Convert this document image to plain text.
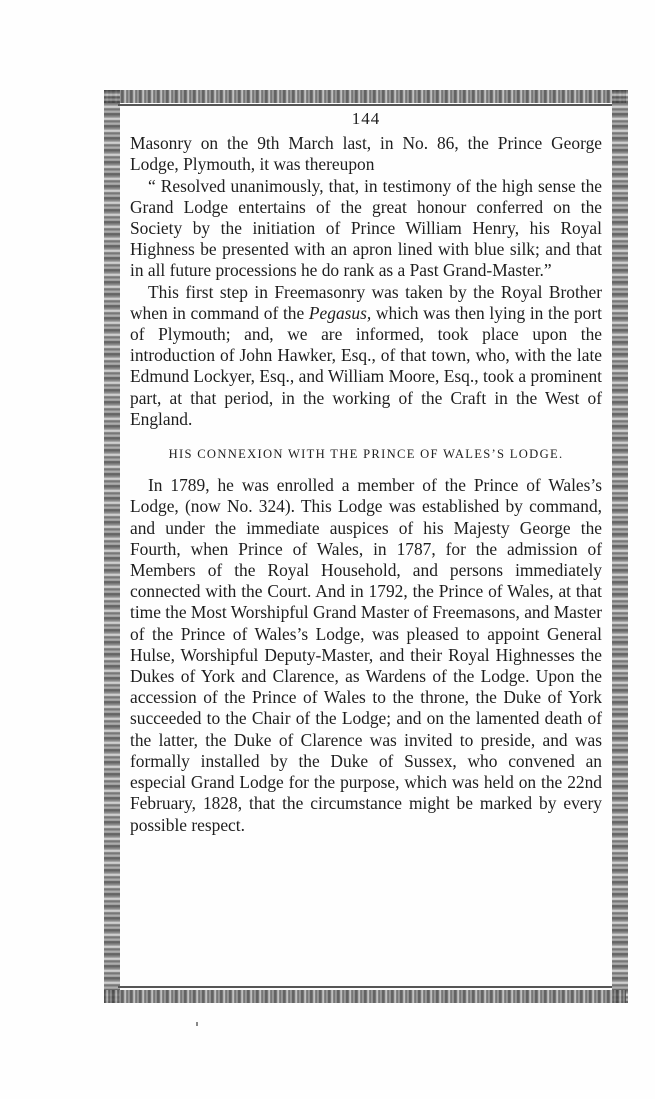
144

Masonry on the 9th March last, in No. 86, the Prince George Lodge, Plymouth, it was thereupon

“ Resolved unanimously, that, in testimony of the high sense the Grand Lodge entertains of the great honour conferred on the Society by the initiation of Prince William Henry, his Royal Highness be presented with an apron lined with blue silk; and that in all future processions he do rank as a Past Grand-Master.”

This first step in Freemasonry was taken by the Royal Brother when in command of the Pegasus, which was then lying in the port of Plymouth; and, we are informed, took place upon the introduction of John Hawker, Esq., of that town, who, with the late Edmund Lockyer, Esq., and William Moore, Esq., took a prominent part, at that period, in the working of the Craft in the West of England.

HIS CONNEXION WITH THE PRINCE OF WALES’S LODGE.

In 1789, he was enrolled a member of the Prince of Wales’s Lodge, (now No. 324). This Lodge was established by command, and under the immediate auspices of his Majesty George the Fourth, when Prince of Wales, in 1787, for the admission of Members of the Royal Household, and persons immediately connected with the Court. And in 1792, the Prince of Wales, at that time the Most Worshipful Grand Master of Freemasons, and Master of the Prince of Wales’s Lodge, was pleased to appoint General Hulse, Worshipful Deputy-Master, and their Royal Highnesses the Dukes of York and Clarence, as Wardens of the Lodge. Upon the accession of the Prince of Wales to the throne, the Duke of York succeeded to the Chair of the Lodge; and on the lamented death of the latter, the Duke of Clarence was invited to preside, and was formally installed by the Duke of Sussex, who convened an especial Grand Lodge for the purpose, which was held on the 22nd February, 1828, that the circumstance might be marked by every possible respect.
